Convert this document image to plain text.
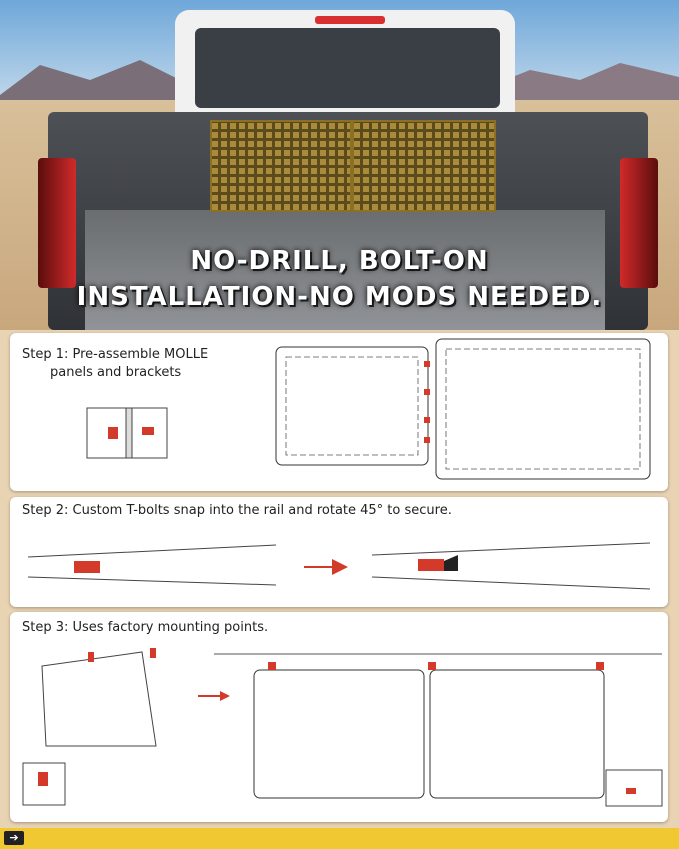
NO-DRILL, BOLT-ON
INSTALLATION-NO MODS NEEDED.
Step 1: Pre-assemble MOLLE
panels and brackets
Step 2: Custom T-bolts snap into the rail and rotate 45° to secure.
Step 3: Uses factory mounting points.
➔
